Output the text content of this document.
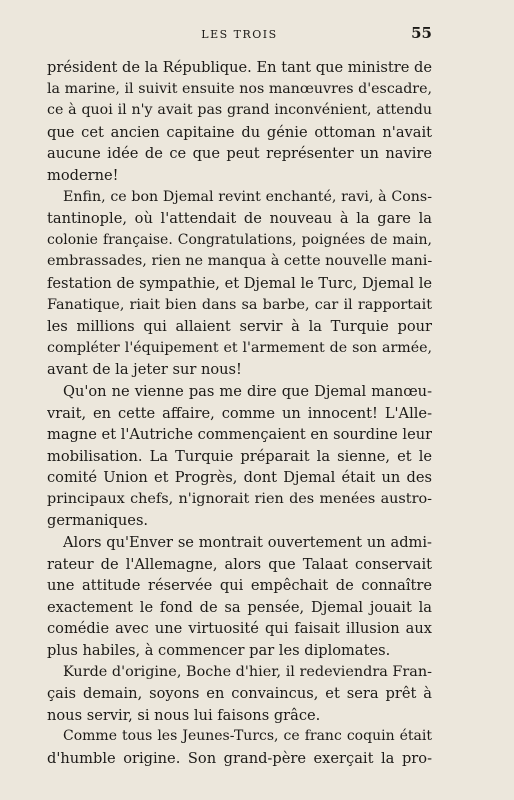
LES TROIS	55
président de la République. En tant que ministre de
la marine, il suivit ensuite nos manœuvres d'escadre,
ce à quoi il n'y avait pas grand inconvénient, attendu
que cet ancien capitaine du génie ottoman n'avait
aucune idée de ce que peut représenter un navire
moderne!
Enfin, ce bon Djemal revint enchanté, ravi, à Cons-
tantinople, où l'attendait de nouveau à la gare la
colonie française. Congratulations, poignées de main,
embrassades, rien ne manqua à cette nouvelle mani-
festation de sympathie, et Djemal le Turc, Djemal le
Fanatique, riait bien dans sa barbe, car il rapportait
les millions qui allaient servir à la Turquie pour
compléter l'équipement et l'armement de son armée,
avant de la jeter sur nous!
Qu'on ne vienne pas me dire que Djemal manœu-
vrait, en cette affaire, comme un innocent! L'Alle-
magne et l'Autriche commençaient en sourdine leur
mobilisation. La Turquie préparait la sienne, et le
comité Union et Progrès, dont Djemal était un des
principaux chefs, n'ignorait rien des menées austro-
germaniques.
Alors qu'Enver se montrait ouvertement un admi-
rateur de l'Allemagne, alors que Talaat conservait
une attitude réservée qui empêchait de connaître
exactement le fond de sa pensée, Djemal jouait la
comédie avec une virtuosité qui faisait illusion aux
plus habiles, à commencer par les diplomates.
Kurde d'origine, Boche d'hier, il redeviendra Fran-
çais demain, soyons en convaincus, et sera prêt à
nous servir, si nous lui faisons grâce.
Comme tous les Jeunes-Turcs, ce franc coquin était
d'humble origine. Son grand-père exerçait la pro-
